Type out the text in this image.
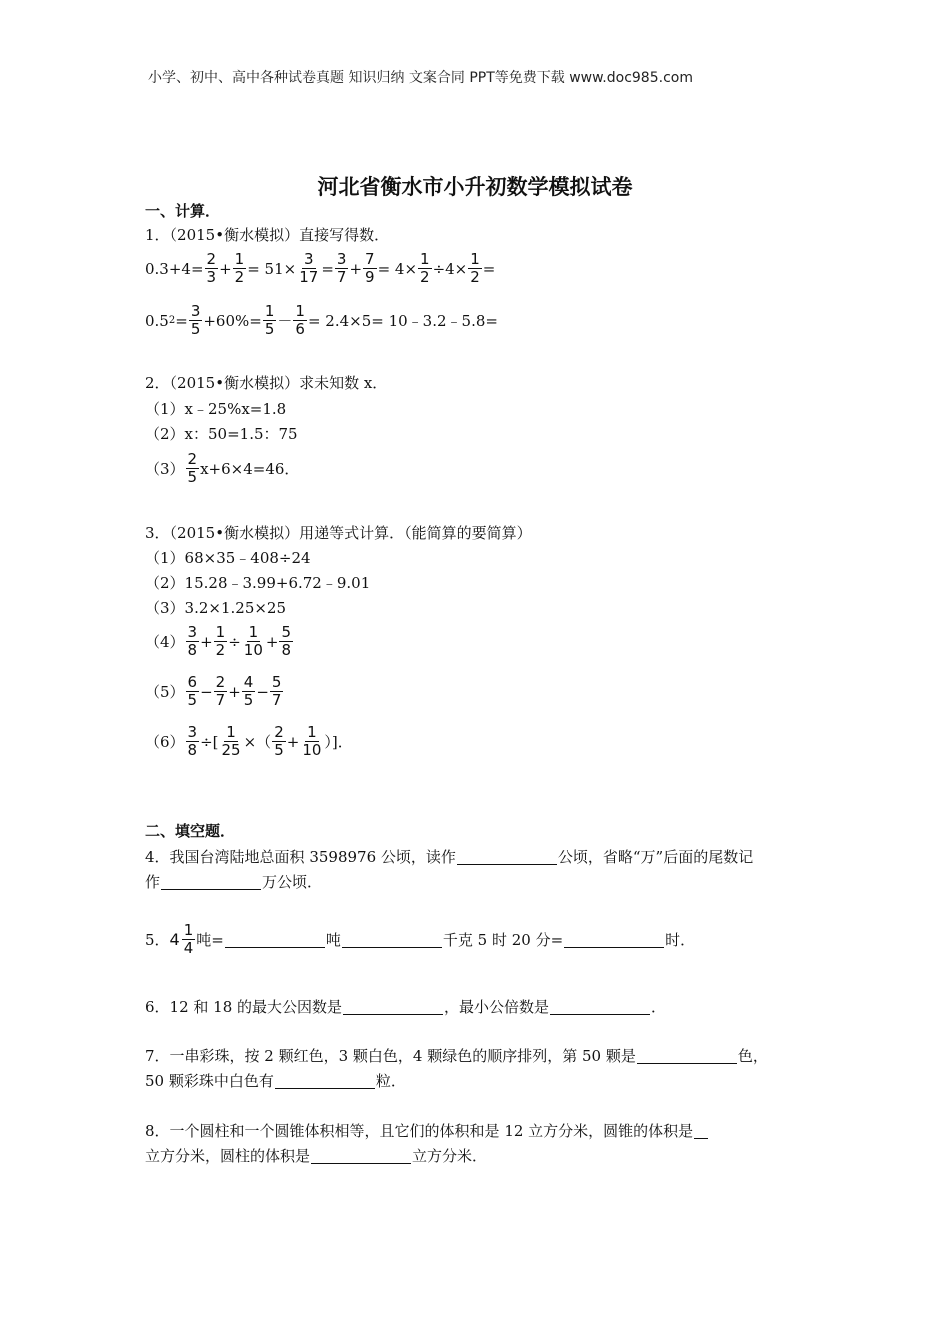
小学、初中、高中各种试卷真题 知识归纳 文案合同 PPT等免费下载 www.doc985.com
河北省衡水市小升初数学模拟试卷
一、计算．
1．（2015•衡水模拟）直接写得数．
$0.3+4= \frac{2}{3} + \frac{1}{2} = 51\times \frac{3}{17} = \frac{3}{7} + \frac{7}{9} = 4\times \frac{1}{2} \div 4\times \frac{1}{2}$ =
0.5 $2 = \frac{3}{5} +60\%= \frac{1}{5} - \frac{1}{6} = 2.4\times 5=$ 10﹣3.2﹣5.8=
2．（2015•衡水模拟）求未知数 x．
（1）x﹣25%x=1.8
（2）x：50=1.5：75
$(3) \frac{2}{5} x+6\times 4=46$．
3．（2015•衡水模拟）用递等式计算．（能简算的要简算）
（1）68×35﹣408÷24
（2）15.28﹣3.99+6.72﹣9.01
（3）3.2×1.25×25
$(4) \frac{3}{8} + \frac{1}{2} \div \frac{1}{10} + \frac{5}{8}$
$(5) \frac{6}{5} - \frac{2}{7} + \frac{4}{5} - \frac{5}{7}$
$(6) \frac{3}{8}$ ÷[ $\frac{1}{25}$ ×（ $\frac{2}{5} + \frac{1}{10}$ ）]．
二、填空题．
4．我国台湾陆地总面积 3598976 公顷，读作	公顷，省略“万”后面的尾数记
作	万公顷．
5． $4 \frac{1}{4}$ 吨=	吨	千克 5 时 20 分=	时．
6．12 和 18 的最大公因数是	，最小公倍数是	．
7．一串彩珠，按 2 颗红色，3 颗白色，4 颗绿色的顺序排列，第 50 颗是	色，
50 颗彩珠中白色有	粒．
8．一个圆柱和一个圆锥体积相等，且它们的体积和是 12 立方分米，圆锥的体积是
立方分米，圆柱的体积是	立方分米．
